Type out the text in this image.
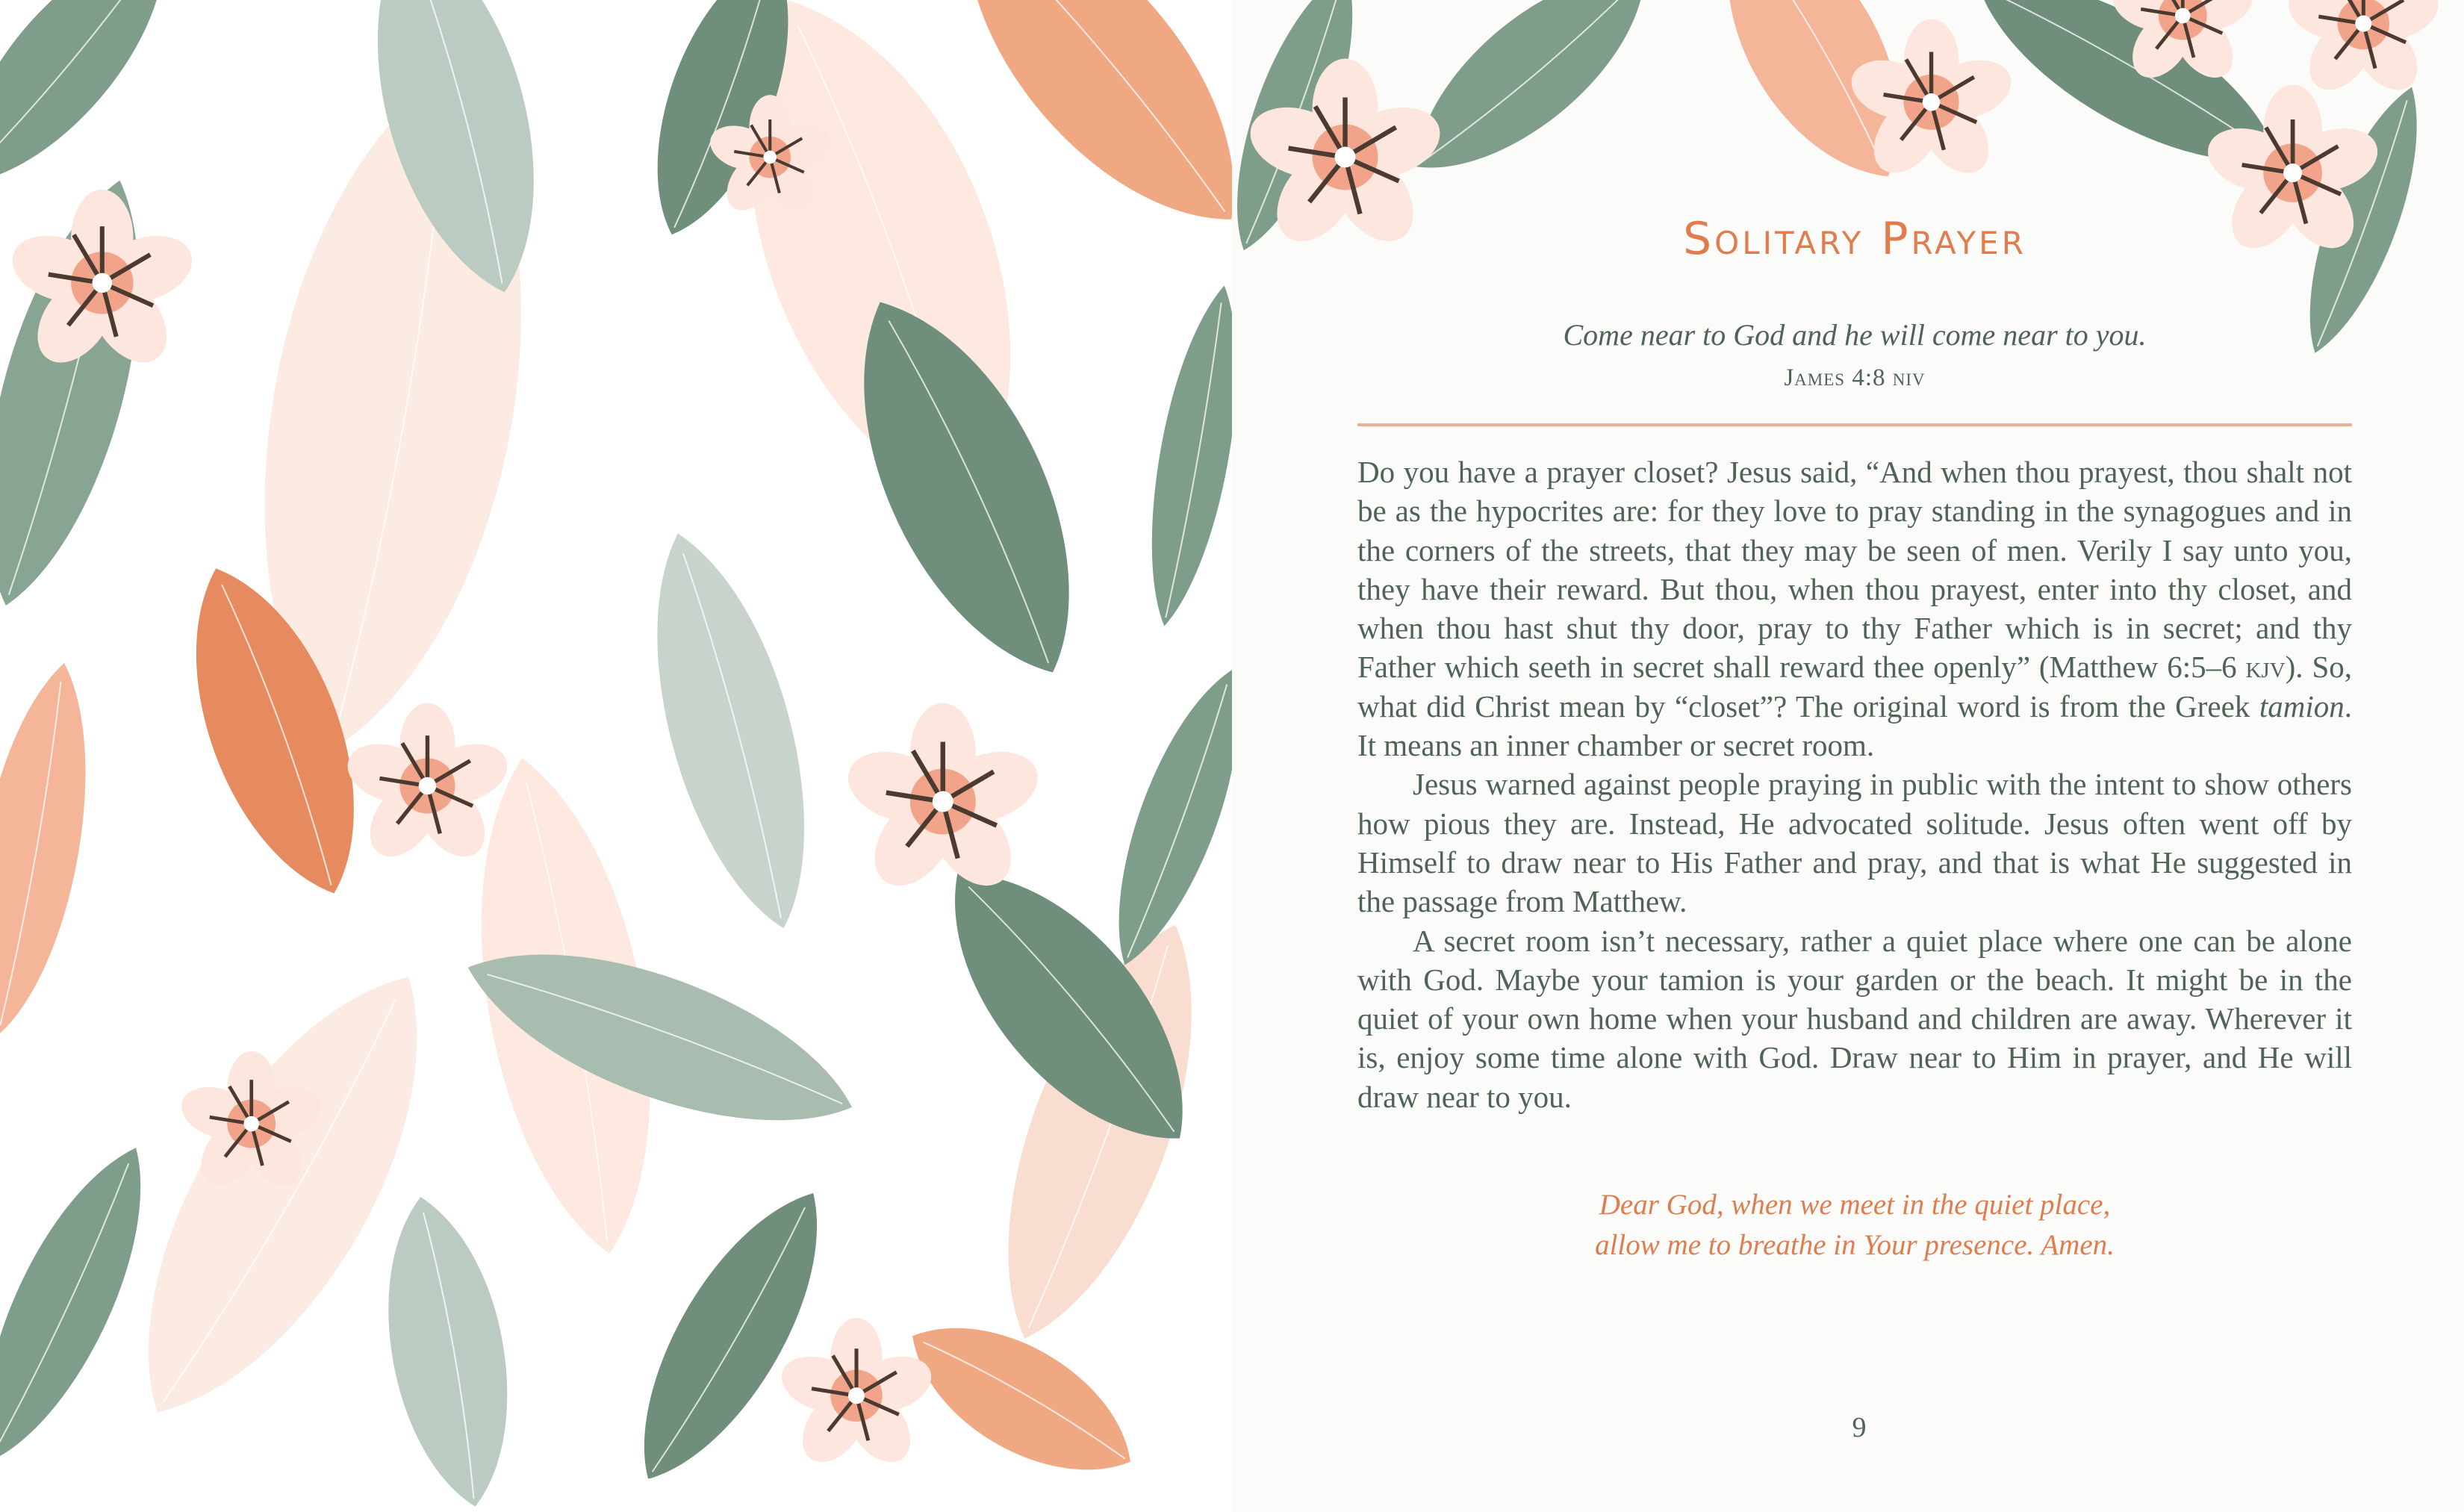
Solitary Prayer
Come near to God and he will come near to you.
James 4:8 niv

Do you have a prayer closet? Jesus said, “And when thou prayest, thou shalt not be as the hypocrites are: for they love to pray standing in the synagogues and in the corners of the streets, that they may be seen of men. Verily I say unto you, they have their reward. But thou, when thou prayest, enter into thy closet, and when thou hast shut thy door, pray to thy Father which is in secret; and thy Father which seeth in secret shall reward thee openly” (Matthew 6:5–6 kjv). So, what did Christ mean by “closet”? The original word is from the Greek tamion. It means an inner chamber or secret room.

Jesus warned against people praying in public with the intent to show others how pious they are. Instead, He advocated solitude. Jesus often went off by Himself to draw near to His Father and pray, and that is what He suggested in the passage from Matthew.

A secret room isn’t necessary, rather a quiet place where one can be alone with God. Maybe your tamion is your garden or the beach. It might be in the quiet of your own home when your husband and children are away. Wherever it is, enjoy some time alone with God. Draw near to Him in prayer, and He will draw near to you.

Dear God, when we meet in the quiet place,
allow me to breathe in Your presence. Amen.
9
